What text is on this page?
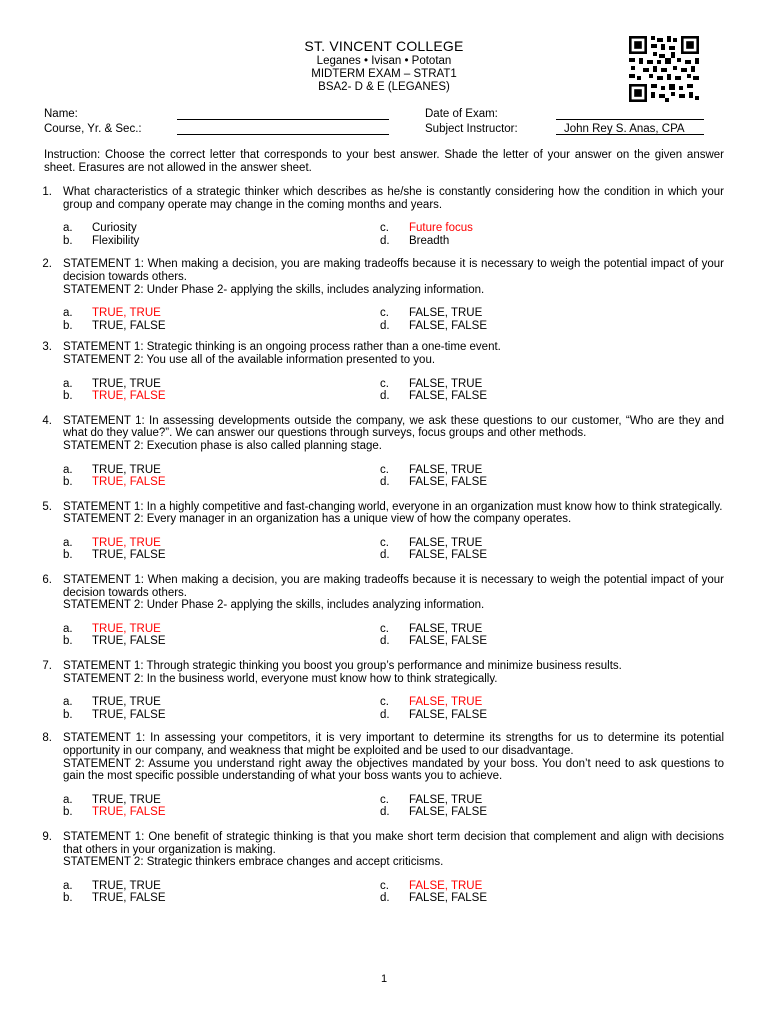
ST. VINCENT COLLEGE
Leganes • Ivisan • Pototan
MIDTERM EXAM – STRAT1
BSA2- D & E (LEGANES)
Name:	Date of Exam:
Course, Yr. & Sec.:	Subject Instructor:	John Rey S. Anas, CPA
Instruction: Choose the correct letter that corresponds to your best answer. Shade the letter of your answer on the given answer sheet. Erasures are not allowed in the answer sheet.
1. What characteristics of a strategic thinker which describes as he/she is constantly considering how the condition in which your group and company operate may change in the coming months and years.
a.	Curiosity	c.	Future focus
b.	Flexibility	d.	Breadth
2. STATEMENT 1: When making a decision, you are making tradeoffs because it is necessary to weigh the potential impact of your decision towards others.
STATEMENT 2: Under Phase 2- applying the skills, includes analyzing information.
a.	TRUE, TRUE	c.	FALSE, TRUE
b.	TRUE, FALSE	d.	FALSE, FALSE
3. STATEMENT 1: Strategic thinking is an ongoing process rather than a one-time event.
STATEMENT 2: You use all of the available information presented to you.
a.	TRUE, TRUE	c.	FALSE, TRUE
b.	TRUE, FALSE	d.	FALSE, FALSE
4. STATEMENT 1: In assessing developments outside the company, we ask these questions to our customer, “Who are they and what do they value?”. We can answer our questions through surveys, focus groups and other methods.
STATEMENT 2: Execution phase is also called planning stage.
a.	TRUE, TRUE	c.	FALSE, TRUE
b.	TRUE, FALSE	d.	FALSE, FALSE
5. STATEMENT 1: In a highly competitive and fast-changing world, everyone in an organization must know how to think strategically.
STATEMENT 2: Every manager in an organization has a unique view of how the company operates.
a.	TRUE, TRUE	c.	FALSE, TRUE
b.	TRUE, FALSE	d.	FALSE, FALSE
6. STATEMENT 1: When making a decision, you are making tradeoffs because it is necessary to weigh the potential impact of your decision towards others.
STATEMENT 2: Under Phase 2- applying the skills, includes analyzing information.
a.	TRUE, TRUE	c.	FALSE, TRUE
b.	TRUE, FALSE	d.	FALSE, FALSE
7. STATEMENT 1: Through strategic thinking you boost you group’s performance and minimize business results.
STATEMENT 2: In the business world, everyone must know how to think strategically.
a.	TRUE, TRUE	c.	FALSE, TRUE
b.	TRUE, FALSE	d.	FALSE, FALSE
8. STATEMENT 1: In assessing your competitors, it is very important to determine its strengths for us to determine its potential opportunity in our company, and weakness that might be exploited and be used to our disadvantage.
STATEMENT 2: Assume you understand right away the objectives mandated by your boss. You don’t need to ask questions to gain the most specific possible understanding of what your boss wants you to achieve.
a.	TRUE, TRUE	c.	FALSE, TRUE
b.	TRUE, FALSE	d.	FALSE, FALSE
9. STATEMENT 1: One benefit of strategic thinking is that you make short term decision that complement and align with decisions that others in your organization is making.
STATEMENT 2: Strategic thinkers embrace changes and accept criticisms.
a.	TRUE, TRUE	c.	FALSE, TRUE
b.	TRUE, FALSE	d.	FALSE, FALSE
1
